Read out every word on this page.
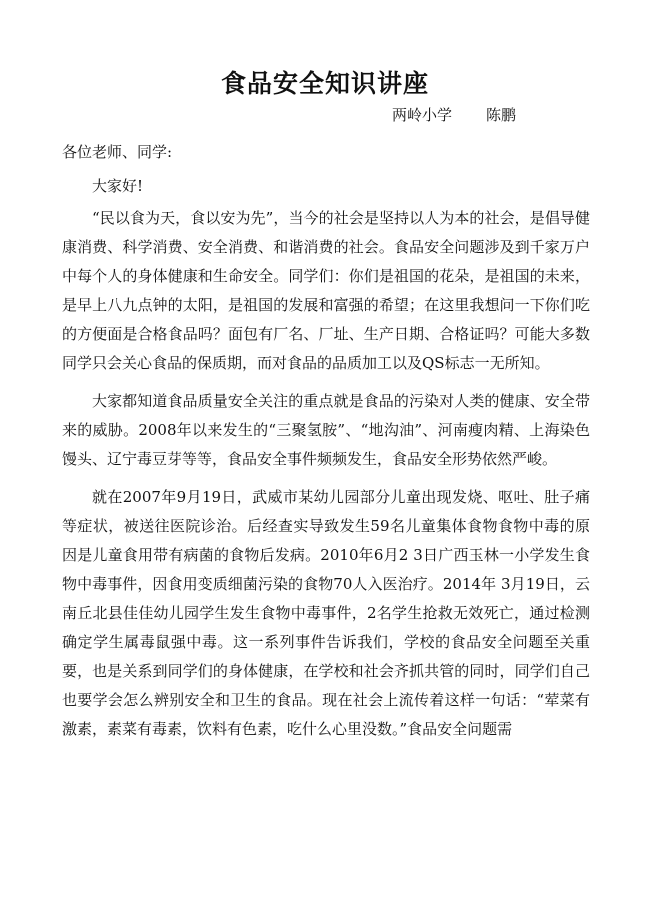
食品安全知识讲座
两岭小学 陈鹏
各位老师、同学:
大家好!

“民以食为天，食以安为先”，当今的社会是坚持以人为本的社会，是倡导健康消费、科学消费、安全消费、和谐消费的社会。食品安全问题涉及到千家万户中每个人的身体健康和生命安全。同学们：你们是祖国的花朵，是祖国的未来，是早上八九点钟的太阳，是祖国的发展和富强的希望；在这里我想问一下你们吃的方便面是合格食品吗？面包有厂名、厂址、生产日期、合格证吗？可能大多数同学只会关心食品的保质期，而对食品的品质加工以及QS标志一无所知。

大家都知道食品质量安全关注的重点就是食品的污染对人类的健康、安全带来的威胁。2008年以来发生的“三聚氢胺”、“地沟油”、河南瘦肉精、上海染色馒头、辽宁毒豆芽等等，食品安全事件频频发生，食品安全形势依然严峻。

就在2007年9月19日，武威市某幼儿园部分儿童出现发烧、呕吐、肚子痛等症状，被送往医院诊治。后经查实导致发生59名儿童集体食物食物中毒的原因是儿童食用带有病菌的食物后发病。2010年6月2 3日广西玉林一小学发生食物中毒事件，因食用变质细菌污染的食物70人入医治疗。2014年 3月19日，云南丘北县佳佳幼儿园学生发生食物中毒事件，2名学生抢救无效死亡，通过检测确定学生属毒鼠强中毒。这一系列事件告诉我们，学校的食品安全问题至关重要，也是关系到同学们的身体健康，在学校和社会齐抓共管的同时，同学们自己也要学会怎么辨别安全和卫生的食品。现在社会上流传着这样一句话：“荤菜有激素，素菜有毒素，饮料有色素，吃什么心里没数。”食品安全问题需
